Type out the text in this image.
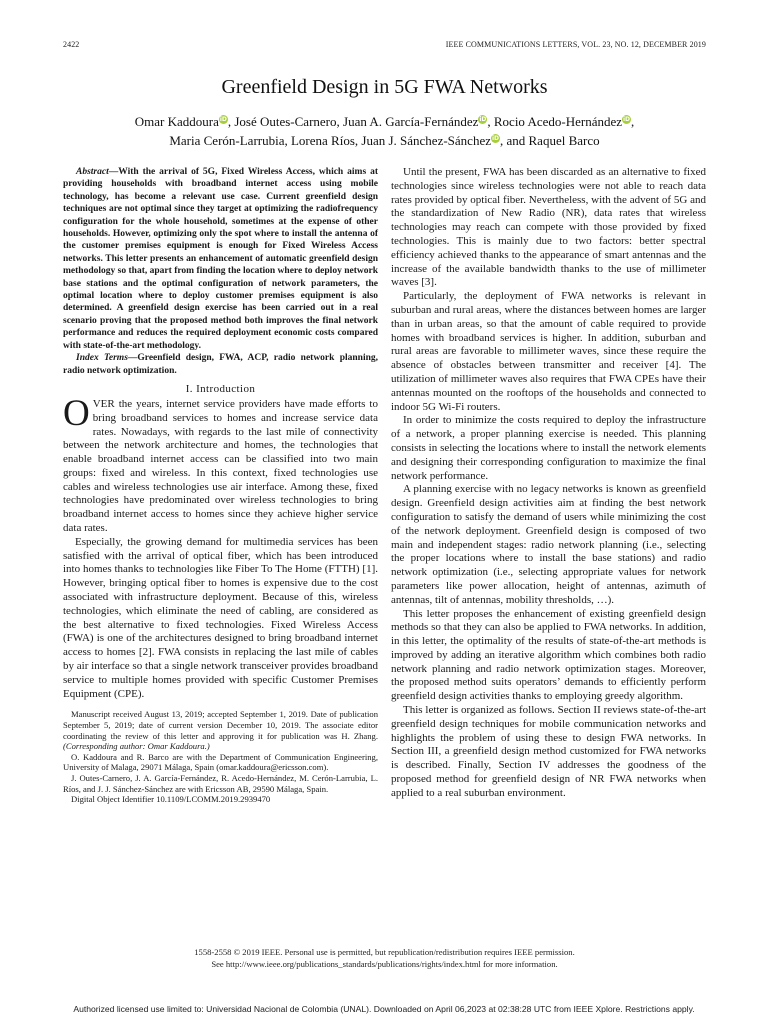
2422	IEEE COMMUNICATIONS LETTERS, VOL. 23, NO. 12, DECEMBER 2019
Greenfield Design in 5G FWA Networks
Omar KaddouraiD, José Outes-Carnero, Juan A. García-FernándeziD, Rocio Acedo-HernándeziD,
Maria Cerón-Larrubia, Lorena Ríos, Juan J. Sánchez-SáncheziD, and Raquel Barco

Abstract—With the arrival of 5G, Fixed Wireless Access, which aims at providing households with broadband internet access using mobile technology, has become a relevant use case. Current greenfield design techniques are not optimal since they target at optimizing the radiofrequency configuration for the whole household, sometimes at the expense of other households. However, optimizing only the spot where to install the antenna of the customer premises equipment is enough for Fixed Wireless Access networks. This letter presents an enhancement of automatic greenfield design methodology so that, apart from finding the location where to deploy network base stations and the optimal configuration of network parameters, the optimal location where to deploy customer premises equipment is also determined. A greenfield design exercise has been carried out in a real scenario proving that the proposed method both improves the final network performance and reduces the required deployment economic costs compared with state-of-the-art methodology.

Index Terms—Greenfield design, FWA, ACP, radio network planning, radio network optimization.

I. Introduction

OVER the years, internet service providers have made efforts to bring broadband services to homes and increase service data rates. Nowadays, with regards to the last mile of connectivity between the network architecture and homes, the technologies that enable broadband internet access can be classified into two main groups: fixed and wireless. In this context, fixed technologies use cables and wireless technologies use air interface. Among these, fixed technologies have predominated over wireless technologies to bring broadband internet access to homes since they achieve higher service data rates.

Especially, the growing demand for multimedia services has been satisfied with the arrival of optical fiber, which has been introduced into homes thanks to technologies like Fiber To The Home (FTTH) [1]. However, bringing optical fiber to homes is expensive due to the cost associated with infrastructure deployment. Because of this, wireless technologies, which eliminate the need of cabling, are considered as the best alternative to fixed technologies. Fixed Wireless Access (FWA) is one of the architectures designed to bring broadband internet access to homes [2]. FWA consists in replacing the last mile of cables by air interface so that a single network transceiver provides broadband service to multiple homes provided with specific Customer Premises Equipment (CPE).

Manuscript received August 13, 2019; accepted September 1, 2019. Date of publication September 5, 2019; date of current version December 10, 2019. The associate editor coordinating the review of this letter and approving it for publication was H. Zhang. (Corresponding author: Omar Kaddoura.)

O. Kaddoura and R. Barco are with the Department of Communication Engineering, University of Malaga, 29071 Málaga, Spain (omar.kaddoura@ericsson.com).

J. Outes-Carnero, J. A. García-Fernández, R. Acedo-Hernández, M. Cerón-Larrubia, L. Ríos, and J. J. Sánchez-Sánchez are with Ericsson AB, 29590 Málaga, Spain.

Digital Object Identifier 10.1109/LCOMM.2019.2939470

Until the present, FWA has been discarded as an alternative to fixed technologies since wireless technologies were not able to reach data rates provided by optical fiber. Nevertheless, with the advent of 5G and the standardization of New Radio (NR), data rates that wireless technologies may reach can compete with those provided by fixed technologies. This is mainly due to two factors: better spectral efficiency achieved thanks to the appearance of smart antennas and the increase of the available bandwidth thanks to the use of millimeter waves [3].

Particularly, the deployment of FWA networks is relevant in suburban and rural areas, where the distances between homes are larger than in urban areas, so that the amount of cable required to provide homes with broadband services is higher. In addition, suburban and rural areas are favorable to millimeter waves, since these require the absence of obstacles between transmitter and receiver [4]. The utilization of millimeter waves also requires that FWA CPEs have their antennas mounted on the rooftops of the households and connected to indoor 5G Wi-Fi routers.

In order to minimize the costs required to deploy the infrastructure of a network, a proper planning exercise is needed. This planning consists in selecting the locations where to install the network elements and designing their corresponding configuration to maximize the final network performance.

A planning exercise with no legacy networks is known as greenfield design. Greenfield design activities aim at finding the best network configuration to satisfy the demand of users while minimizing the cost of the network deployment. Greenfield design is composed of two main and independent stages: radio network planning (i.e., selecting the proper locations where to install the base stations) and radio network optimization (i.e., selecting appropriate values for network parameters like power allocation, height of antennas, azimuth of antennas, tilt of antennas, mobility thresholds, …).

This letter proposes the enhancement of existing greenfield design methods so that they can also be applied to FWA networks. In addition, in this letter, the optimality of the results of state-of-the-art methods is improved by adding an iterative algorithm which combines both radio network planning and radio network optimization stages. Moreover, the proposed method suits operators’ demands to efficiently perform greenfield design activities thanks to employing greedy algorithm.

This letter is organized as follows. Section II reviews state-of-the-art greenfield design techniques for mobile communication networks and highlights the problem of using these to design FWA networks. In Section III, a greenfield design method customized for FWA networks is described. Finally, Section IV addresses the goodness of the proposed method for greenfield design of NR FWA networks when applied to a real suburban environment.

1558-2558 © 2019 IEEE. Personal use is permitted, but republication/redistribution requires IEEE permission.
See http://www.ieee.org/publications_standards/publications/rights/index.html for more information.
Authorized licensed use limited to: Universidad Nacional de Colombia (UNAL). Downloaded on April 06,2023 at 02:38:28 UTC from IEEE Xplore. Restrictions apply.
